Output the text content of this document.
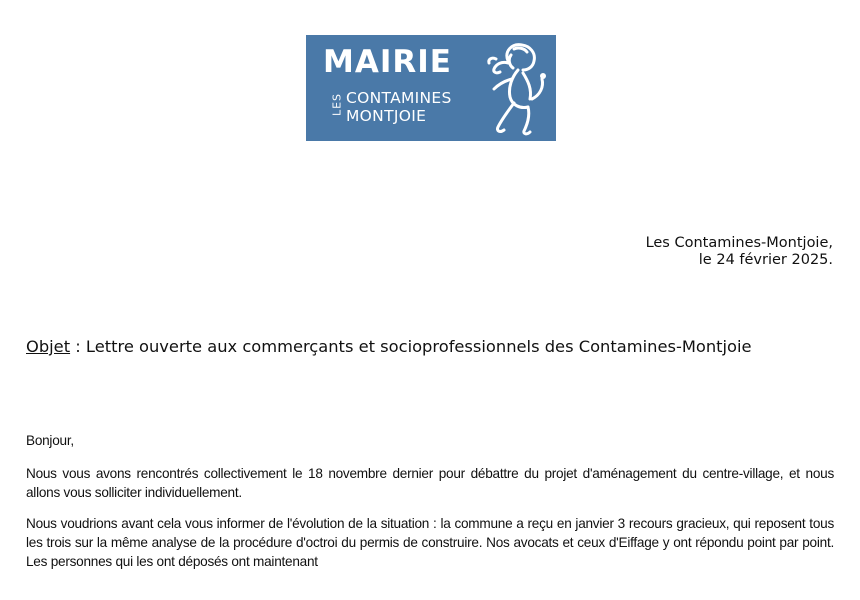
MAIRIE
LES CONTAMINES
MONTJOIE
Les Contamines-Montjoie,
le 24 février 2025.
Objet : Lettre ouverte aux commerçants et socioprofessionnels des Contamines-Montjoie

Bonjour,

Nous vous avons rencontrés collectivement le 18 novembre dernier pour débattre du projet d'aménagement du centre-village, et nous allons vous solliciter individuellement.

Nous voudrions avant cela vous informer de l'évolution de la situation : la commune a reçu en janvier 3 recours gracieux, qui reposent tous les trois sur la même analyse de la procédure d'octroi du permis de construire. Nos avocats et ceux d'Eiffage y ont répondu point par point. Les personnes qui les ont déposés ont maintenant
